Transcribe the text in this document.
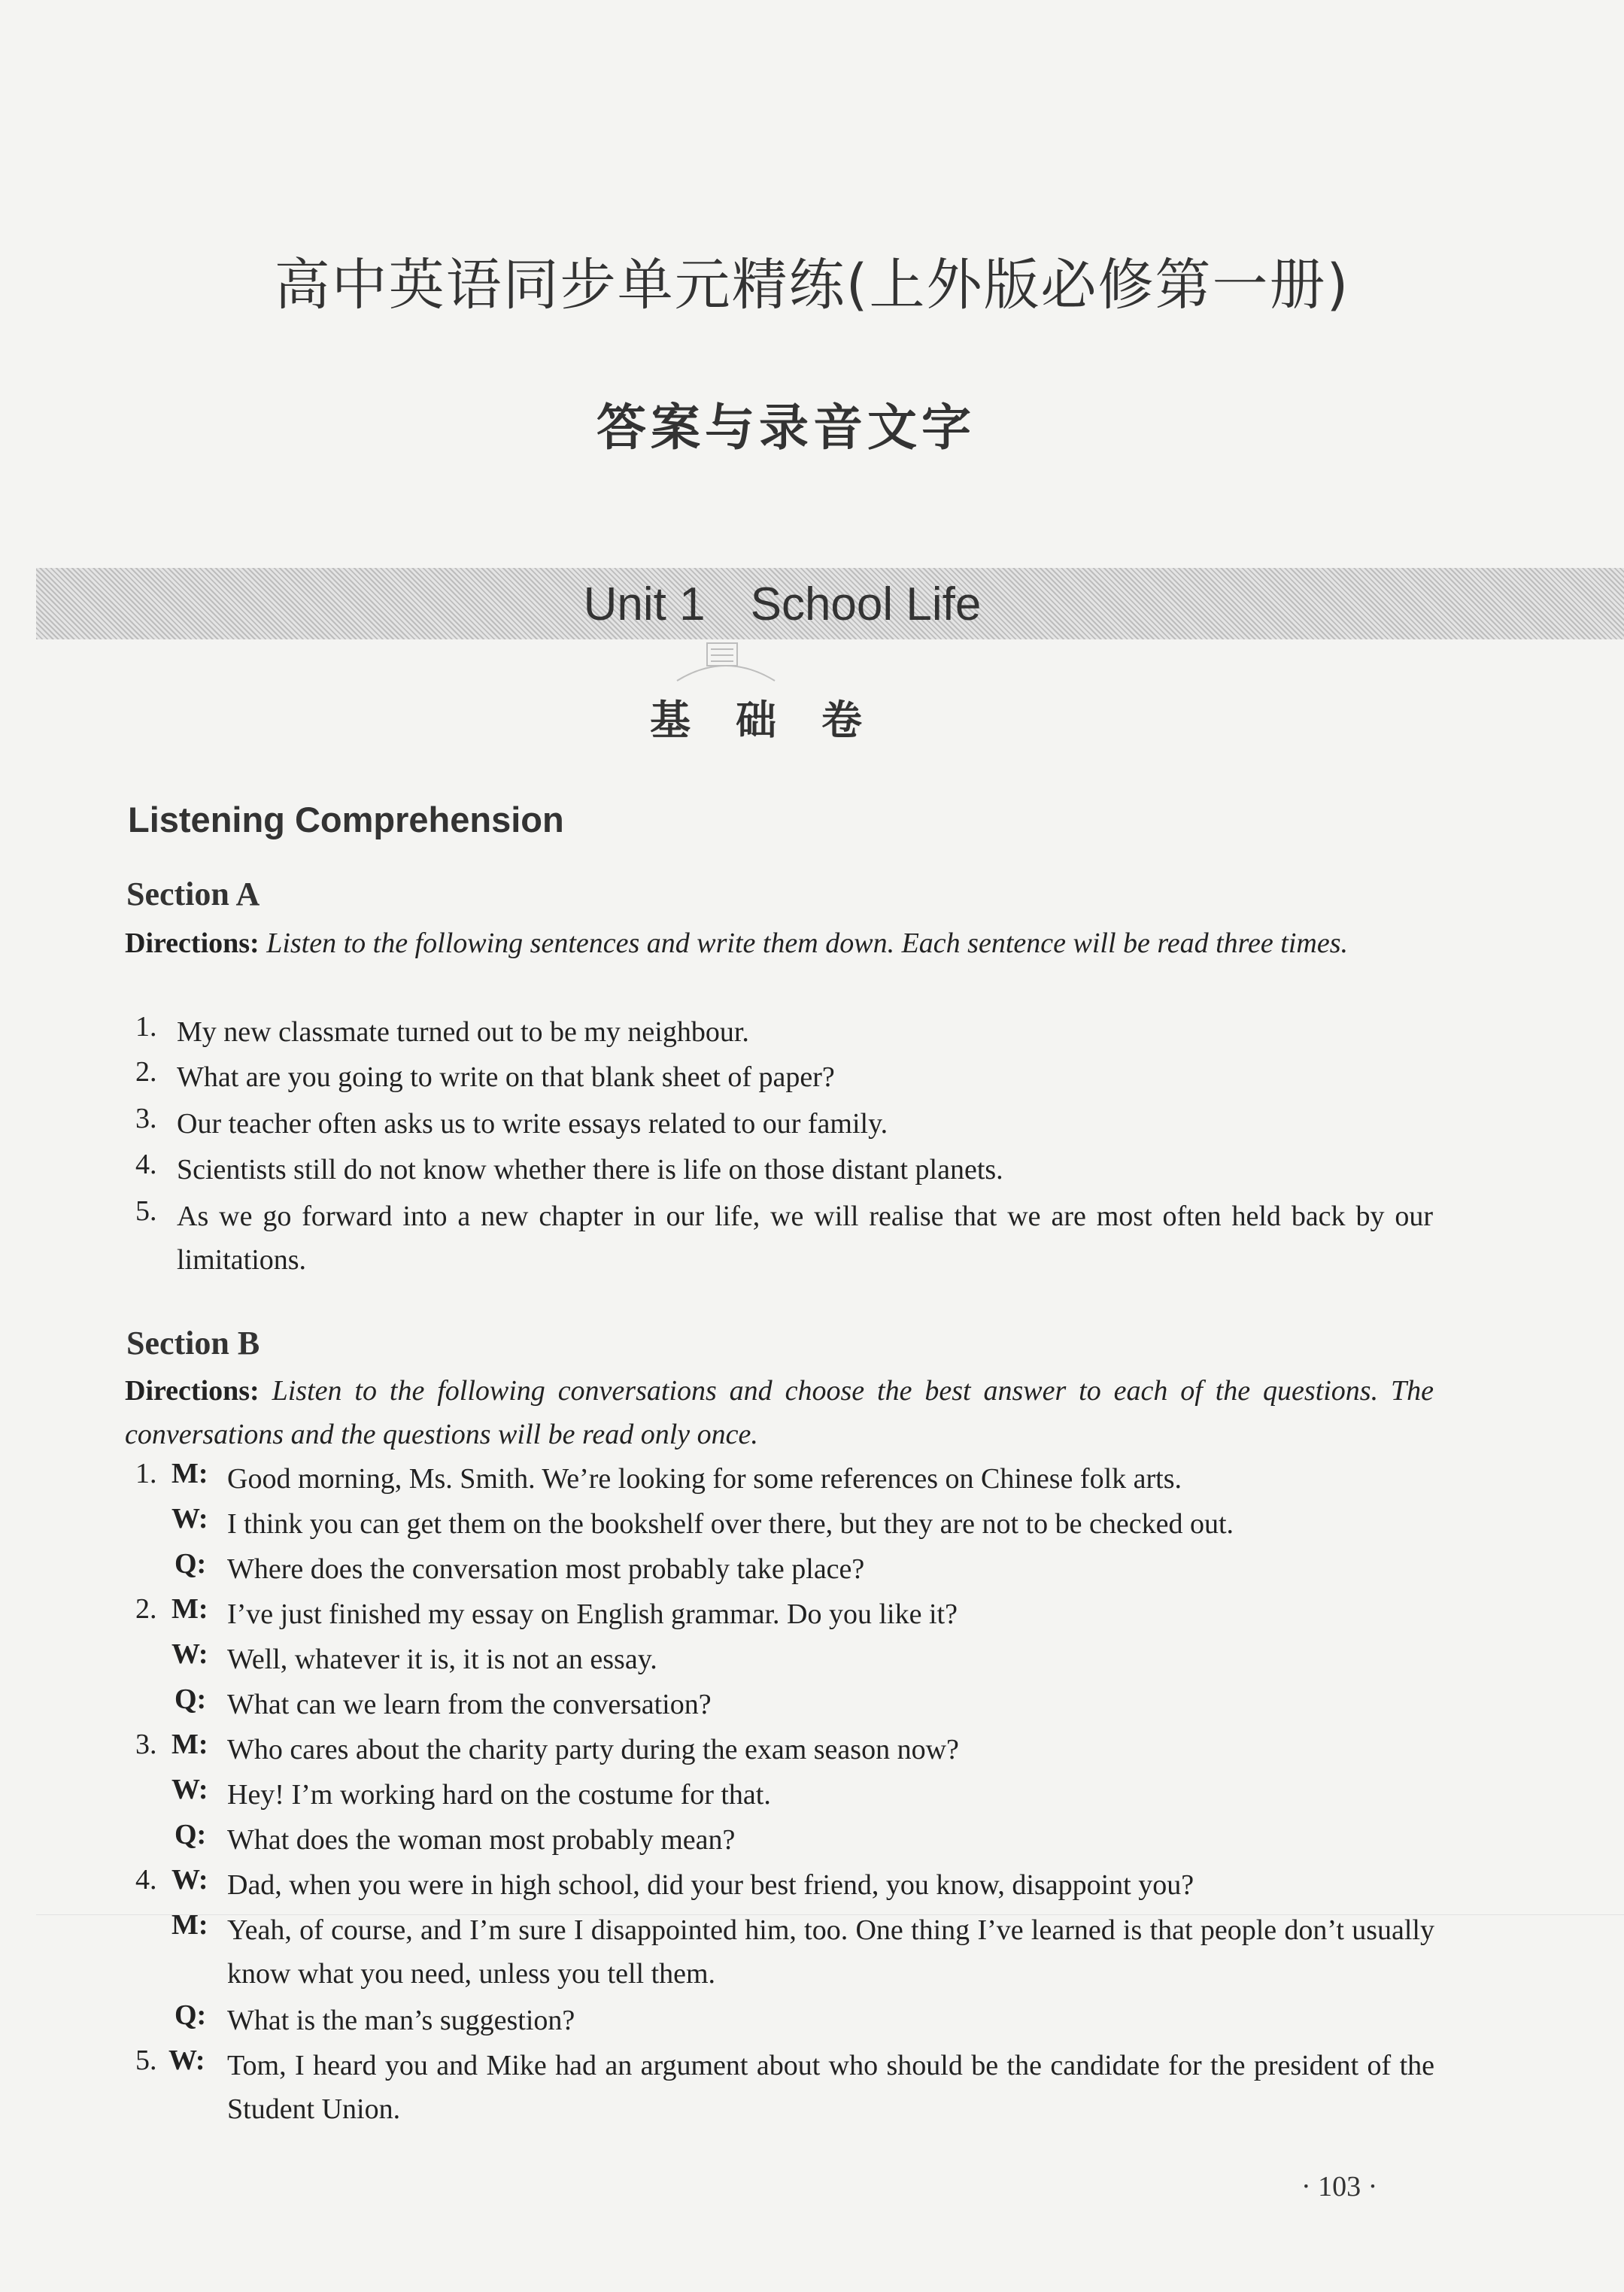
高中英语同步单元精练(上外版必修第一册)
答案与录音文字
Unit 1 School Life
基础卷
Listening Comprehension
Section A
Directions: Listen to the following sentences and write them down. Each sentence will be read three times.
1. My new classmate turned out to be my neighbour.
2. What are you going to write on that blank sheet of paper?
3. Our teacher often asks us to write essays related to our family.
4. Scientists still do not know whether there is life on those distant planets.
5. As we go forward into a new chapter in our life, we will realise that we are most often held back by our limitations.
Section B
Directions: Listen to the following conversations and choose the best answer to each of the questions. The conversations and the questions will be read only once.
1. M: Good morning, Ms. Smith. We’re looking for some references on Chinese folk arts.
W: I think you can get them on the bookshelf over there, but they are not to be checked out.
Q: Where does the conversation most probably take place?
2. M: I’ve just finished my essay on English grammar. Do you like it?
W: Well, whatever it is, it is not an essay.
Q: What can we learn from the conversation?
3. M: Who cares about the charity party during the exam season now?
W: Hey! I’m working hard on the costume for that.
Q: What does the woman most probably mean?
4. W: Dad, when you were in high school, did your best friend, you know, disappoint you?
M: Yeah, of course, and I’m sure I disappointed him, too. One thing I’ve learned is that people don’t usually know what you need, unless you tell them.
Q: What is the man’s suggestion?
5. W: Tom, I heard you and Mike had an argument about who should be the candidate for the president of the Student Union.
· 103 ·
